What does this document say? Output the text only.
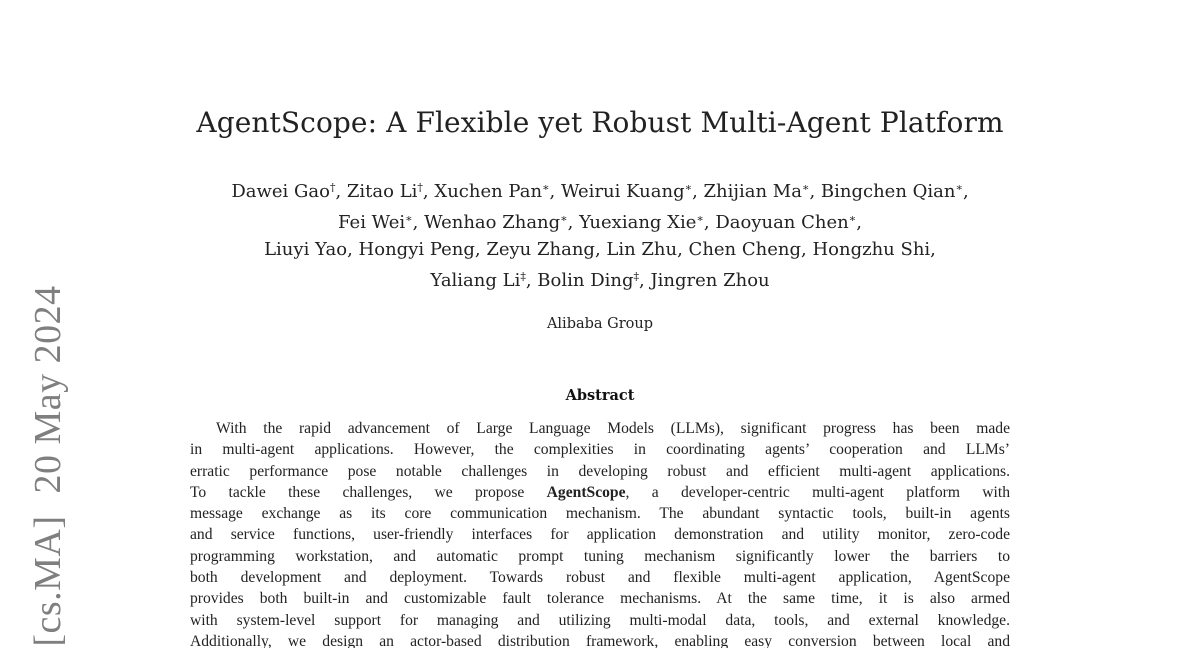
[cs.MA]20 May 2024
AgentScope: A Flexible yet Robust Multi-Agent Platform
Dawei Gao†, Zitao Li†, Xuchen Pan∗, Weirui Kuang∗, Zhijian Ma∗, Bingchen Qian∗,
Fei Wei∗, Wenhao Zhang∗, Yuexiang Xie∗, Daoyuan Chen∗,
Liuyi Yao, Hongyi Peng, Zeyu Zhang, Lin Zhu, Chen Cheng, Hongzhu Shi,
Yaliang Li‡, Bolin Ding‡, Jingren Zhou
Alibaba Group
Abstract
With the rapid advancement of Large Language Models (LLMs), significant progress has been made
in multi-agent applications. However, the complexities in coordinating agents’ cooperation and LLMs’
erratic performance pose notable challenges in developing robust and efficient multi-agent applications.
To tackle these challenges, we propose AgentScope, a developer-centric multi-agent platform with
message exchange as its core communication mechanism. The abundant syntactic tools, built-in agents
and service functions, user-friendly interfaces for application demonstration and utility monitor, zero-code
programming workstation, and automatic prompt tuning mechanism significantly lower the barriers to
both development and deployment. Towards robust and flexible multi-agent application, AgentScope
provides both built-in and customizable fault tolerance mechanisms. At the same time, it is also armed
with system-level support for managing and utilizing multi-modal data, tools, and external knowledge.
Additionally, we design an actor-based distribution framework, enabling easy conversion between local and
